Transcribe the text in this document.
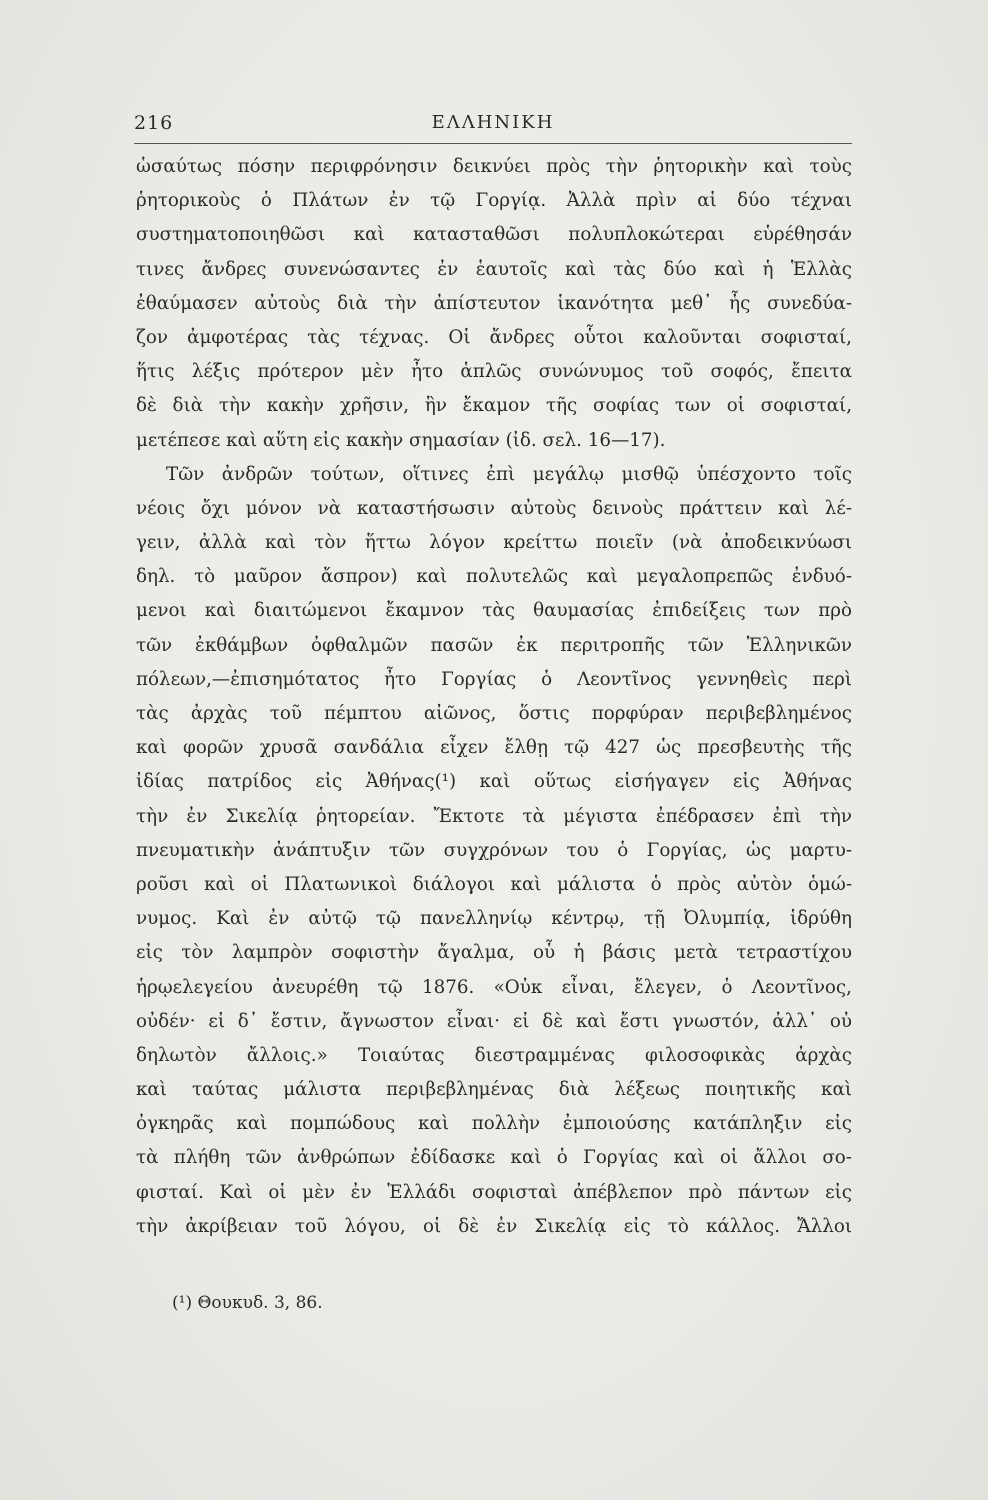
216	ΕΛΛΗΝΙΚΗ
ὡσαύτως πόσην περιφρόνησιν δεικνύει πρὸς τὴν ῥητορικὴν καὶ τοὺς
ῥητορικοὺς ὁ Πλάτων ἐν τῷ Γοργίᾳ. Ἀλλὰ πρὶν αἱ δύο τέχναι
συστηματοποιηθῶσι καὶ κατασταθῶσι πολυπλοκώτεραι εὑρέθησάν
τινες ἄνδρες συνενώσαντες ἐν ἑαυτοῖς καὶ τὰς δύο καὶ ἡ Ἑλλὰς
ἐθαύμασεν αὐτοὺς διὰ τὴν ἀπίστευτον ἱκανότητα μεθ᾽ ἧς συνεδύα-
ζον ἀμφοτέρας τὰς τέχνας. Οἱ ἄνδρες οὗτοι καλοῦνται σοφισταί,
ἥτις λέξις πρότερον μὲν ἦτο ἁπλῶς συνώνυμος τοῦ σοφός, ἔπειτα
δὲ διὰ τὴν κακὴν χρῆσιν, ἣν ἔκαμον τῆς σοφίας των οἱ σοφισταί,
μετέπεσε καὶ αὕτη εἰς κακὴν σημασίαν (ἰδ. σελ. 16—17).
Τῶν ἀνδρῶν τούτων, οἵτινες ἐπὶ μεγάλῳ μισθῷ ὑπέσχοντο τοῖς
νέοις ὄχι μόνον νὰ καταστήσωσιν αὐτοὺς δεινοὺς πράττειν καὶ λέ-
γειν, ἀλλὰ καὶ τὸν ἥττω λόγον κρείττω ποιεῖν (νὰ ἀποδεικνύωσι
δηλ. τὸ μαῦρον ἄσπρον) καὶ πολυτελῶς καὶ μεγαλοπρεπῶς ἐνδυό-
μενοι καὶ διαιτώμενοι ἔκαμνον τὰς θαυμασίας ἐπιδείξεις των πρὸ
τῶν ἐκθάμβων ὀφθαλμῶν πασῶν ἐκ περιτροπῆς τῶν Ἑλληνικῶν
πόλεων,—ἐπισημότατος ἦτο Γοργίας ὁ Λεοντῖνος γεννηθεὶς περὶ
τὰς ἀρχὰς τοῦ πέμπτου αἰῶνος, ὅστις πορφύραν περιβεβλημένος
καὶ φορῶν χρυσᾶ σανδάλια εἶχεν ἔλθῃ τῷ 427 ὡς πρεσβευτὴς τῆς
ἰδίας πατρίδος εἰς Ἀθήνας(¹) καὶ οὕτως εἰσήγαγεν εἰς Ἀθήνας
τὴν ἐν Σικελίᾳ ῥητορείαν. Ἔκτοτε τὰ μέγιστα ἐπέδρασεν ἐπὶ τὴν
πνευματικὴν ἀνάπτυξιν τῶν συγχρόνων του ὁ Γοργίας, ὡς μαρτυ-
ροῦσι καὶ οἱ Πλατωνικοὶ διάλογοι καὶ μάλιστα ὁ πρὸς αὐτὸν ὁμώ-
νυμος. Καὶ ἐν αὐτῷ τῷ πανελληνίῳ κέντρῳ, τῇ Ὀλυμπίᾳ, ἱδρύθη
εἰς τὸν λαμπρὸν σοφιστὴν ἄγαλμα, οὗ ἡ βάσις μετὰ τετραστίχου
ἡρῳελεγείου ἀνευρέθη τῷ 1876. «Οὐκ εἶναι, ἔλεγεν, ὁ Λεοντῖνος,
οὐδέν· εἰ δ᾽ ἔστιν, ἄγνωστον εἶναι· εἰ δὲ καὶ ἔστι γνωστόν, ἀλλ᾽ οὐ
δηλωτὸν ἄλλοις.» Τοιαύτας διεστραμμένας φιλοσοφικὰς ἀρχὰς
καὶ ταύτας μάλιστα περιβεβλημένας διὰ λέξεως ποιητικῆς καὶ
ὀγκηρᾶς καὶ πομπώδους καὶ πολλὴν ἐμποιούσης κατάπληξιν εἰς
τὰ πλήθη τῶν ἀνθρώπων ἐδίδασκε καὶ ὁ Γοργίας καὶ οἱ ἄλλοι σο-
φισταί. Καὶ οἱ μὲν ἐν Ἑλλάδι σοφισταὶ ἀπέβλεπον πρὸ πάντων εἰς
τὴν ἀκρίβειαν τοῦ λόγου, οἱ δὲ ἐν Σικελίᾳ εἰς τὸ κάλλος. Ἄλλοι
(¹) Θουκυδ. 3, 86.
